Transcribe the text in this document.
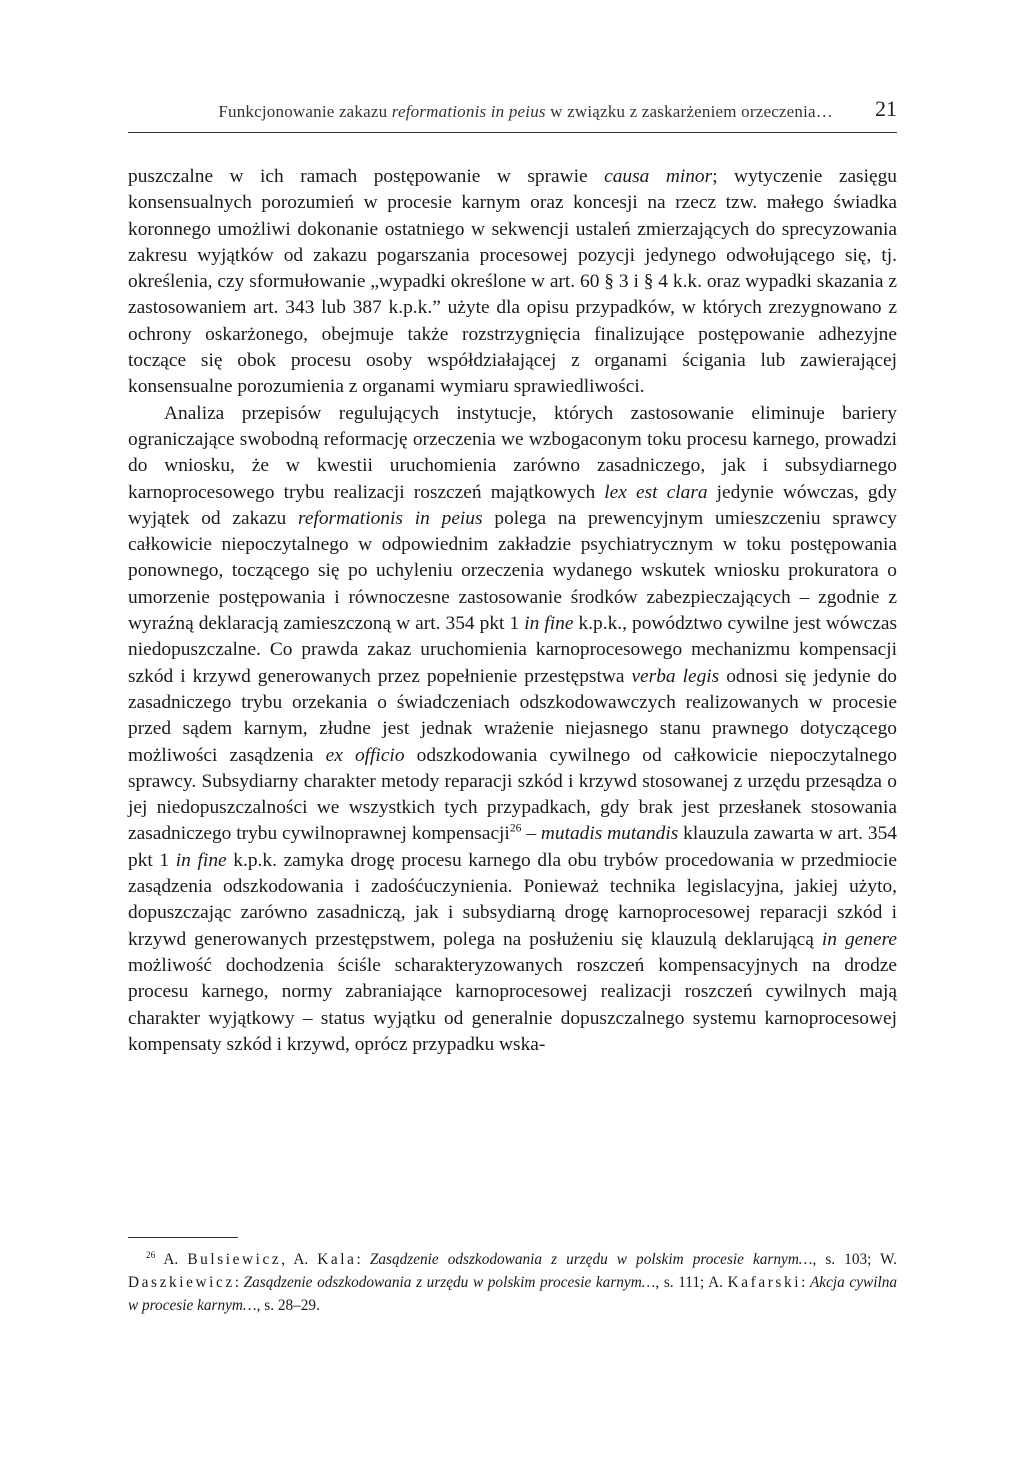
Funkcjonowanie zakazu reformationis in peius w związku z zaskarżeniem orzeczenia… 21

puszczalne w ich ramach postępowanie w sprawie causa minor; wytyczenie zasięgu konsensualnych porozumień w procesie karnym oraz koncesji na rzecz tzw. małego świadka koronnego umożliwi dokonanie ostatniego w sekwencji ustaleń zmierzających do sprecyzowania zakresu wyjątków od zakazu pogarszania procesowej pozycji jedynego odwołującego się, tj. określenia, czy sformułowanie „wypadki określone w art. 60 § 3 i § 4 k.k. oraz wypadki skazania z zastosowaniem art. 343 lub 387 k.p.k.” użyte dla opisu przypadków, w których zrezygnowano z ochrony oskarżonego, obejmuje także rozstrzygnięcia finalizujące postępowanie adhezyjne toczące się obok procesu osoby współdziałającej z organami ścigania lub zawierającej konsensualne porozumienia z organami wymiaru sprawiedliwości.

Analiza przepisów regulujących instytucje, których zastosowanie eliminuje bariery ograniczające swobodną reformację orzeczenia we wzbogaconym toku procesu karnego, prowadzi do wniosku, że w kwestii uruchomienia zarówno zasadniczego, jak i subsydiarnego karnoprocesowego trybu realizacji roszczeń majątkowych lex est clara jedynie wówczas, gdy wyjątek od zakazu reformationis in peius polega na prewencyjnym umieszczeniu sprawcy całkowicie niepoczytalnego w odpowiednim zakładzie psychiatrycznym w toku postępowania ponownego, toczącego się po uchyleniu orzeczenia wydanego wskutek wniosku prokuratora o umorzenie postępowania i równoczesne zastosowanie środków zabezpieczających – zgodnie z wyraźną deklaracją zamieszczoną w art. 354 pkt 1 in fine k.p.k., powództwo cywilne jest wówczas niedopuszczalne. Co prawda zakaz uruchomienia karnoprocesowego mechanizmu kompensacji szkód i krzywd generowanych przez popełnienie przestępstwa verba legis odnosi się jedynie do zasadniczego trybu orzekania o świadczeniach odszkodowawczych realizowanych w procesie przed sądem karnym, złudne jest jednak wrażenie niejasnego stanu prawnego dotyczącego możliwości zasądzenia ex officio odszkodowania cywilnego od całkowicie niepoczytalnego sprawcy. Subsydiarny charakter metody reparacji szkód i krzywd stosowanej z urzędu przesądza o jej niedopuszczalności we wszystkich tych przypadkach, gdy brak jest przesłanek stosowania zasadniczego trybu cywilnoprawnej kompensacji$^{26}$ – mutadis mutandis klauzula zawarta w art. 354 pkt 1 in fine k.p.k. zamyka drogę procesu karnego dla obu trybów procedowania w przedmiocie zasądzenia odszkodowania i zadośćuczynienia. Ponieważ technika legislacyjna, jakiej użyto, dopuszczając zarówno zasadniczą, jak i subsydiarną drogę karnoprocesowej reparacji szkód i krzywd generowanych przestępstwem, polega na posłużeniu się klauzulą deklarującą in genere możliwość dochodzenia ściśle scharakteryzowanych roszczeń kompensacyjnych na drodze procesu karnego, normy zabraniające karnoprocesowej realizacji roszczeń cywilnych mają charakter wyjątkowy – status wyjątku od generalnie dopuszczalnego systemu karnoprocesowej kompensaty szkód i krzywd, oprócz przypadku wska-

$^{26}$ A. Bulsiewicz, A. Kala: Zasądzenie odszkodowania z urzędu w polskim procesie karnym…, s. 103; W. Daszkiewicz: Zasądzenie odszkodowania z urzędu w polskim procesie karnym…, s. 111; A. Kafarski: Akcja cywilna w procesie karnym…, s. 28–29.
